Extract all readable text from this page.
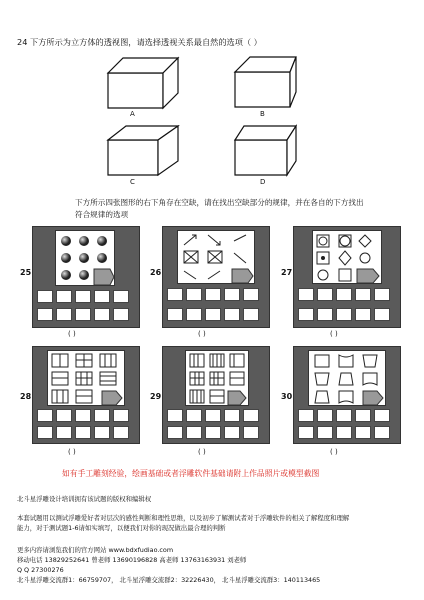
24 下方所示为立方体的透视图，请选择透视关系最自然的选项（ ）
A	B
C	D
下方所示四张图形的右下角存在空缺，请在找出空缺部分的规律，并在各自的下方找出
符合规律的选项
25
( )
26
( )
27
( )
28
( )
29
( )
30
( )
如有手工雕刻经验，绘画基础或者浮雕软件基础请附上作品照片或模型截图
北斗星浮雕设计培训拥有该试题的版权和编辑权
本套试题用以测试浮雕爱好者对层次的感性判断和理性思维，以及初步了解测试者对于浮雕软件的相关了解程度和理解
能力，对于测试题1-6请如实填写，以便我们对你的现况做出最合理的判断
更多内容请浏览我们的官方网站 www.bdxfudiao.com
移动电话 13829252641 曾老师 13690196828 高老师 13763163931 刘老师
Q Q 27300276
北斗星浮雕交流群1：66759707， 北斗星浮雕交流群2：32226430， 北斗星浮雕交流群3：140113465
